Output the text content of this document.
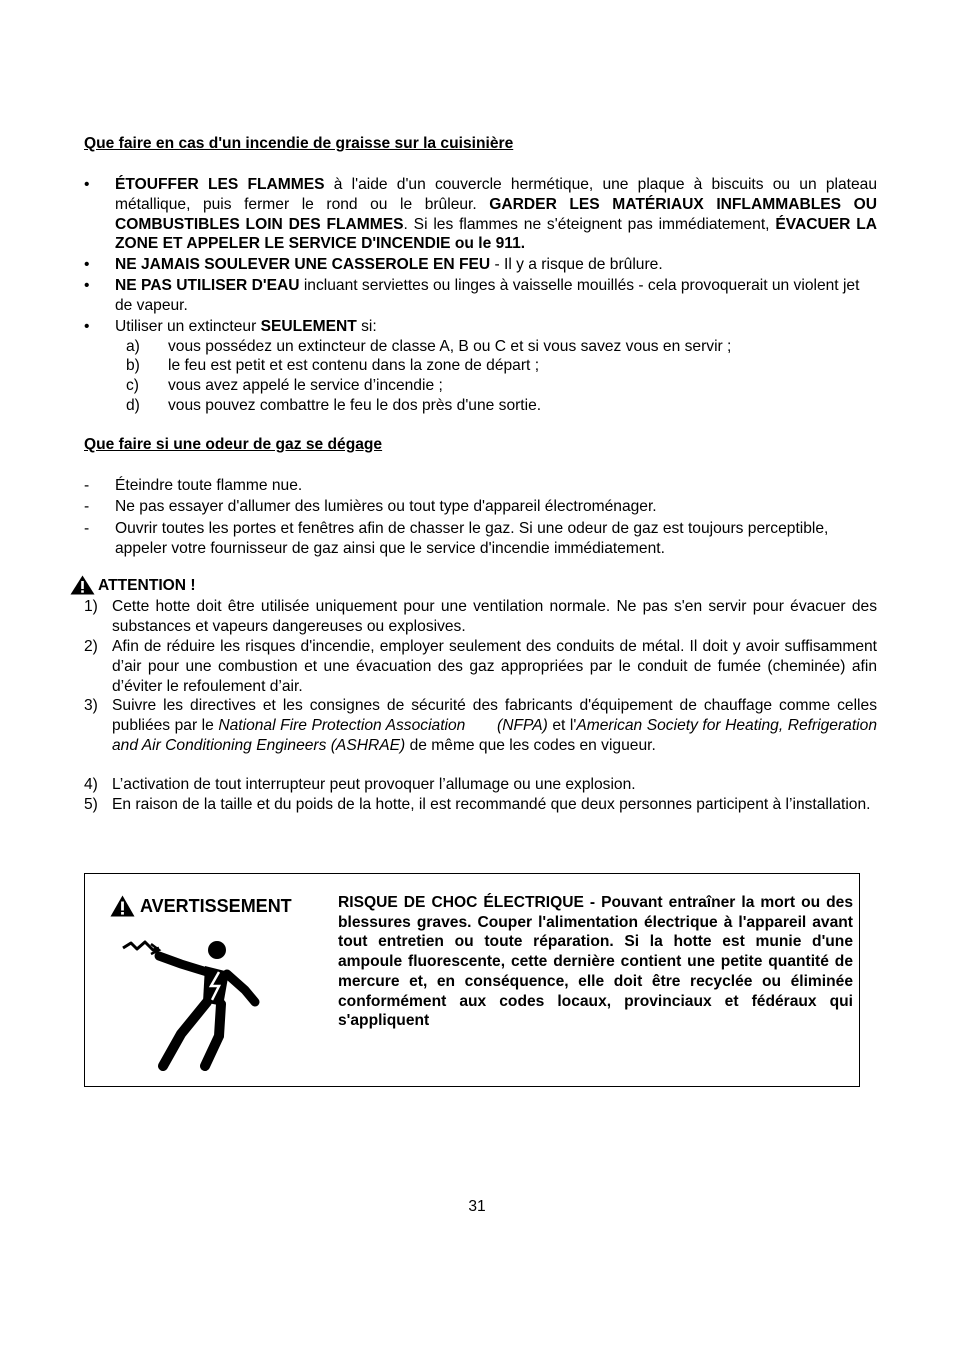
Que faire en cas d'un incendie de graisse sur la cuisinière
•	ÉTOUFFER LES FLAMMES à l'aide d'un couvercle hermétique, une plaque à biscuits ou un plateau métallique, puis fermer le rond ou le brûleur. GARDER LES MATÉRIAUX INFLAMMABLES OU COMBUSTIBLES LOIN DES FLAMMES. Si les flammes ne s'éteignent pas immédiatement, ÉVACUER LA ZONE ET APPELER LE SERVICE D'INCENDIE ou le 911.
•	NE JAMAIS SOULEVER UNE CASSEROLE EN FEU - Il y a risque de brûlure.
•	NE PAS UTILISER D'EAU incluant serviettes ou linges à vaisselle mouillés - cela provoquerait un violent jet de vapeur.
•	Utiliser un extincteur SEULEMENT si:
a) vous possédez un extincteur de classe A, B ou C et si vous savez vous en servir ;
b) le feu est petit et est contenu dans la zone de départ ;
c) vous avez appelé le service d’incendie ;
d) vous pouvez combattre le feu le dos près d'une sortie.
Que faire si une odeur de gaz se dégage
-	Éteindre toute flamme nue.
-	Ne pas essayer d'allumer des lumières ou tout type d'appareil électroménager.
-	Ouvrir toutes les portes et fenêtres afin de chasser le gaz. Si une odeur de gaz est toujours perceptible, appeler votre fournisseur de gaz ainsi que le service d'incendie immédiatement.
ATTENTION !
1) Cette hotte doit être utilisée uniquement pour une ventilation normale. Ne pas s'en servir pour évacuer des substances et vapeurs dangereuses ou explosives.
2) Afin de réduire les risques d'incendie, employer seulement des conduits de métal. Il doit y avoir suffisamment d’air pour une combustion et une évacuation des gaz appropriées par le conduit de fumée (cheminée) afin d’éviter le refoulement d’air.
3) Suivre les directives et les consignes de sécurité des fabricants d'équipement de chauffage comme celles publiées par le National Fire Protection Association       (NFPA) et l'American Society for Heating, Refrigeration and Air Conditioning Engineers (ASHRAE) de même que les codes en vigueur.
4) L’activation de tout interrupteur peut provoquer l’allumage ou une explosion.
5) En raison de la taille et du poids de la hotte, il est recommandé que deux personnes participent à l’installation.
AVERTISSEMENT	RISQUE DE CHOC ÉLECTRIQUE - Pouvant entraîner la mort ou des blessures graves. Couper l'alimentation électrique à l'appareil avant tout entretien ou toute réparation. Si la hotte est munie d'une ampoule fluorescente, cette dernière contient une petite quantité de mercure et, en conséquence, elle doit être recyclée ou éliminée conformément aux codes locaux, provinciaux et fédéraux qui s'appliquent
31
